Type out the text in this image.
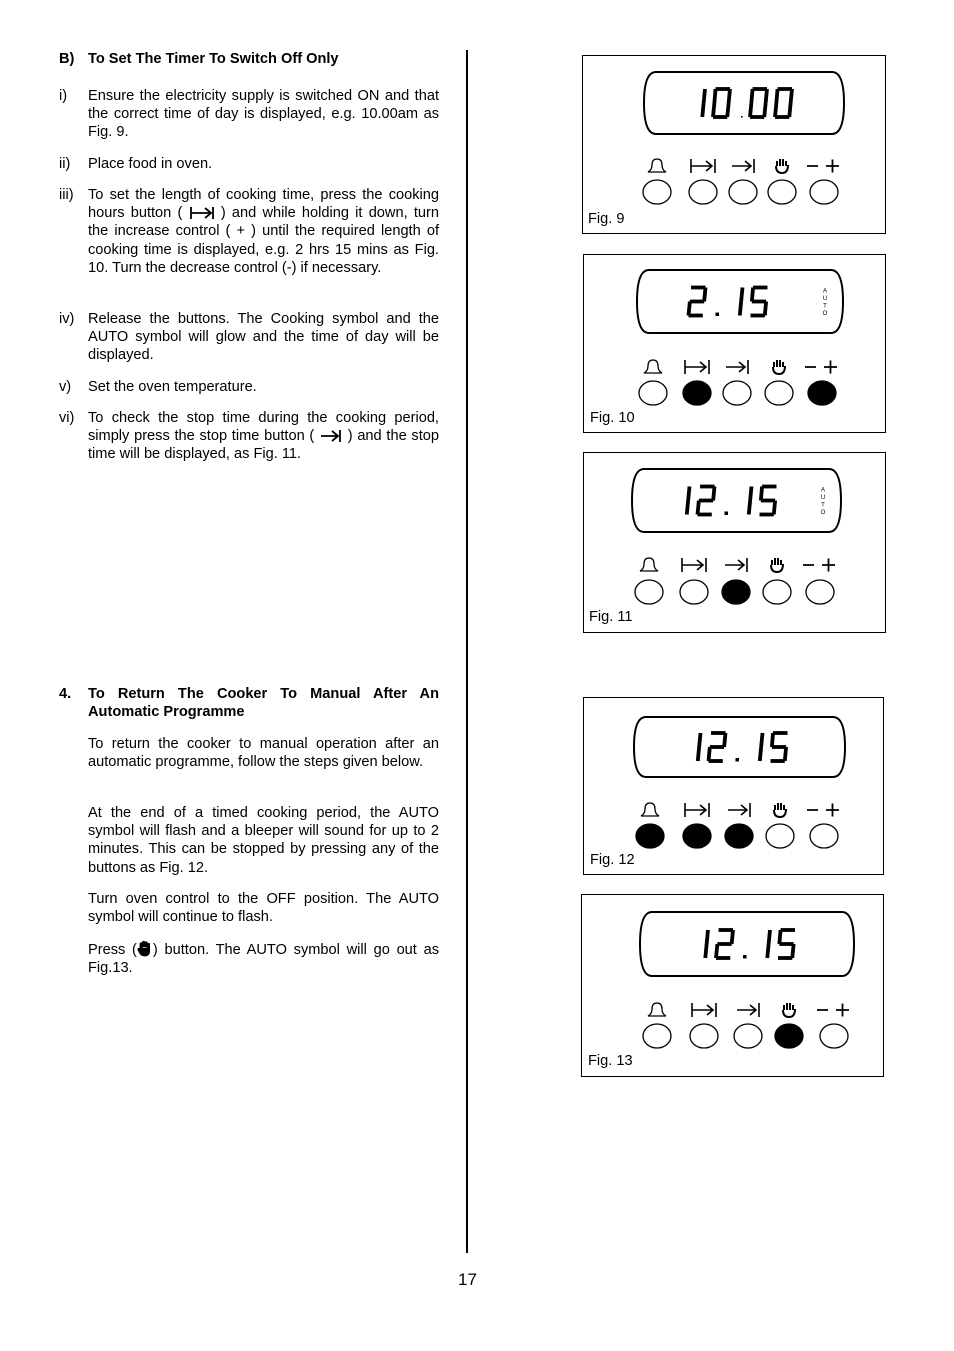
B) To Set The Timer To Switch Off Only
i) Ensure the electricity supply is switched ON and that the correct time of day is displayed, e.g. 10.00am as Fig. 9.
ii) Place food in oven.
iii) To set the length of cooking time, press the cooking hours button (	) and while holding it down, turn the increase control ( + ) until the required length of cooking time is displayed, e.g. 2 hrs 15 mins as Fig. 10. Turn the decrease control (-) if necessary.
iv) Release the buttons. The Cooking symbol and the AUTO symbol will glow and the time of day will be displayed.
v) Set the oven temperature.
vi) To check the stop time during the cooking period, simply press the stop time button ( ) and the stop time will be displayed, as Fig. 11.
4. To Return The Cooker To Manual After An Automatic Programme
To return the cooker to manual operation after an automatic programme, follow the steps given below.
At the end of a timed cooking period, the AUTO symbol will flash and a bleeper will sound for up to 2 minutes. This can be stopped by pressing any of the buttons as Fig. 12.
Turn oven control to the OFF position. The AUTO symbol will continue to flash.
Press ( ) button. The AUTO symbol will go out as Fig.13.
17
Fig. 9
A
U
T
O
Fig. 10
A
U
T
O
Fig. 11
Fig. 12
Fig. 13
